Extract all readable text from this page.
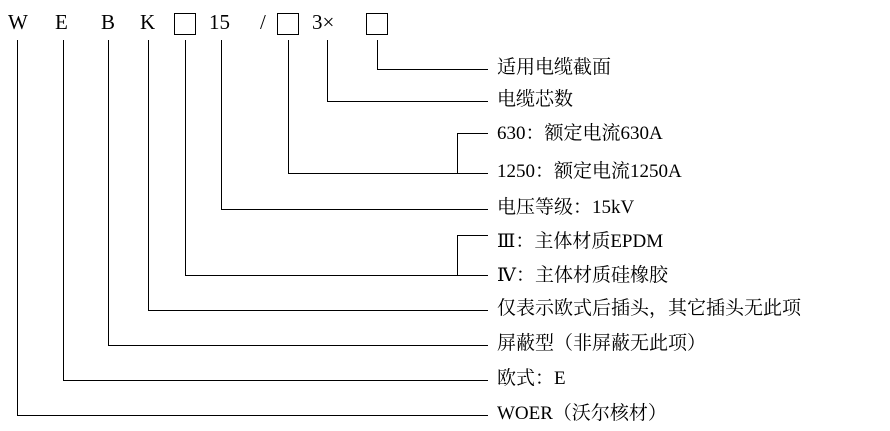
W E B K	15 / 3×
适用电缆截面
电缆芯数
630：额定电流630A
1250：额定电流1250A
电压等级：15kV
Ⅲ：主体材质EPDM
Ⅳ：主体材质硅橡胶
仅表示欧式后插头，其它插头无此项
屏蔽型（非屏蔽无此项）
欧式：E
WOER（沃尔核材）
